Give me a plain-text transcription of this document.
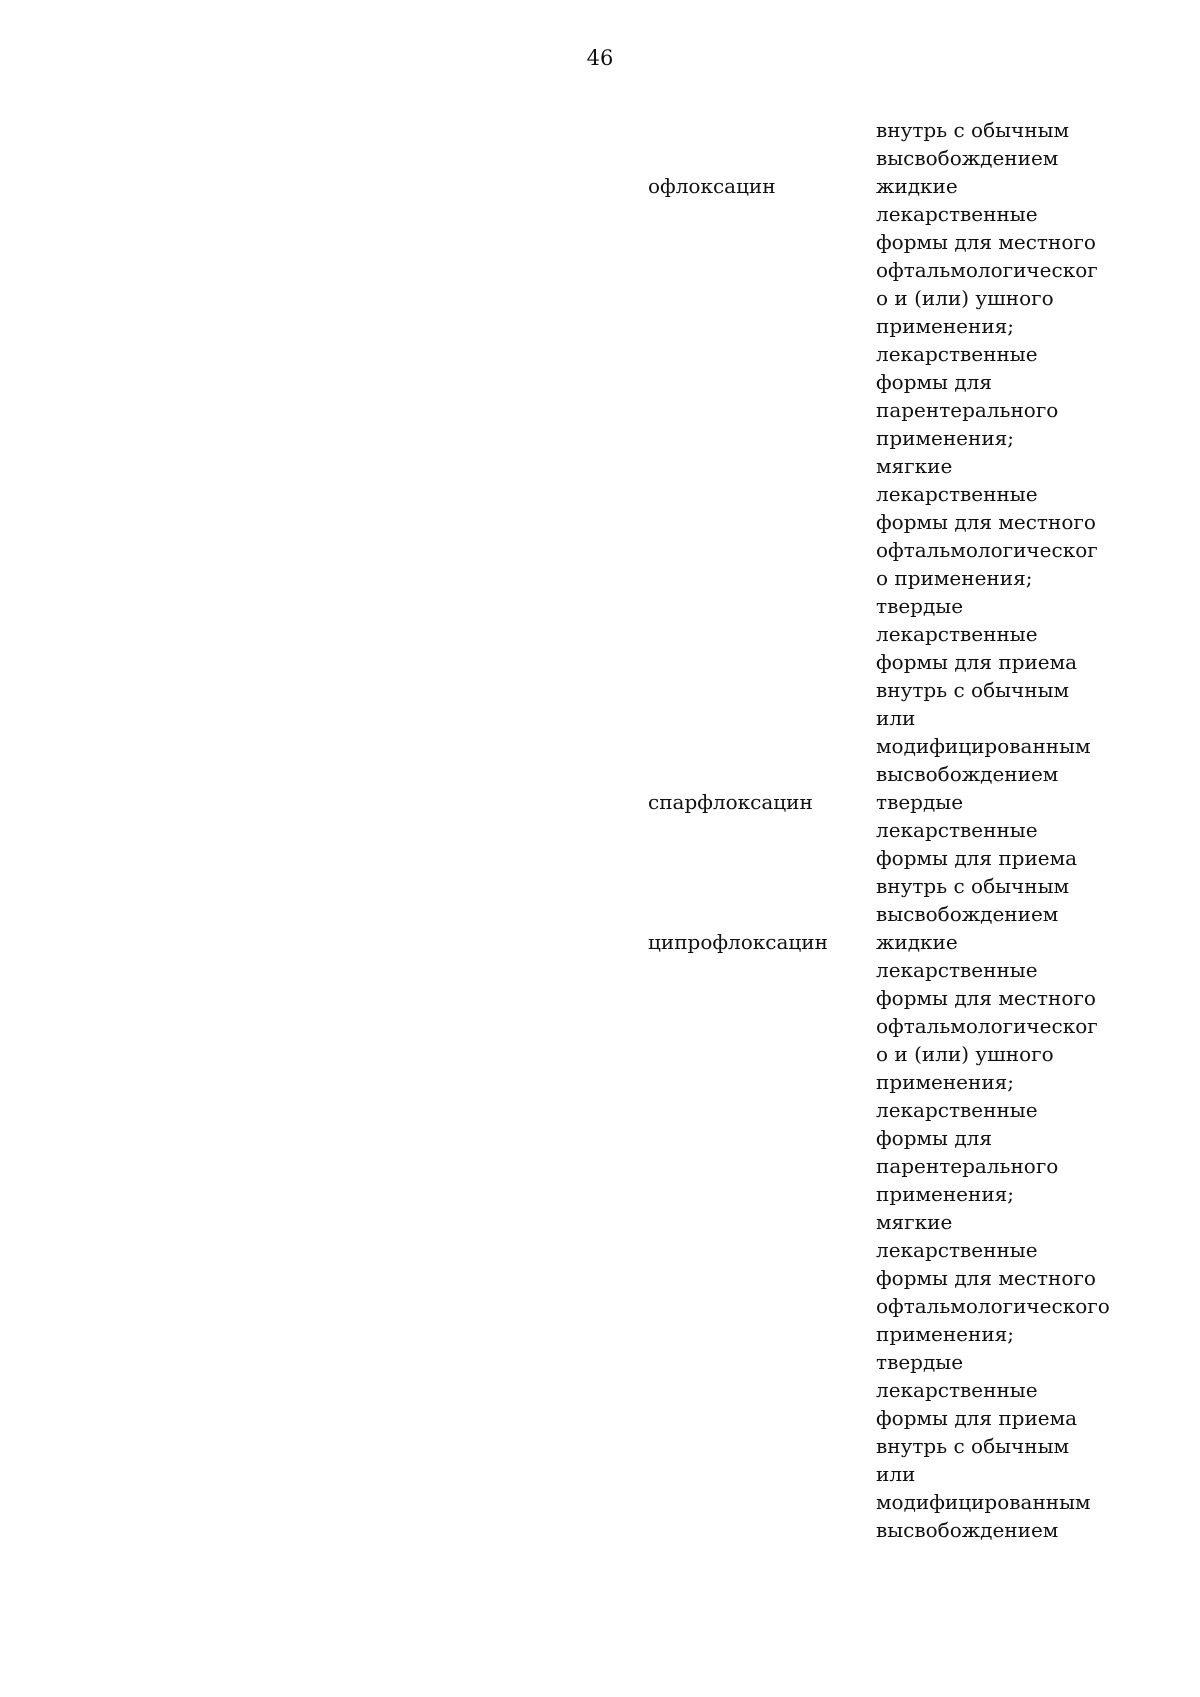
46
внутрь с обычным
высвобождением
офлоксацин	жидкие
лекарственные
формы для местного
офтальмологическог
о и (или) ушного
применения;
лекарственные
формы для
парентерального
применения;
мягкие
лекарственные
формы для местного
офтальмологическог
о применения;
твердые
лекарственные
формы для приема
внутрь с обычным
или
модифицированным
высвобождением
спарфлоксацин	твердые
лекарственные
формы для приема
внутрь с обычным
высвобождением
ципрофлоксацин жидкие
лекарственные
формы для местного
офтальмологическог
о и (или) ушного
применения;
лекарственные
формы для
парентерального
применения;
мягкие
лекарственные
формы для местного
офтальмологического
применения;
твердые
лекарственные
формы для приема
внутрь с обычным
или
модифицированным
высвобождением
